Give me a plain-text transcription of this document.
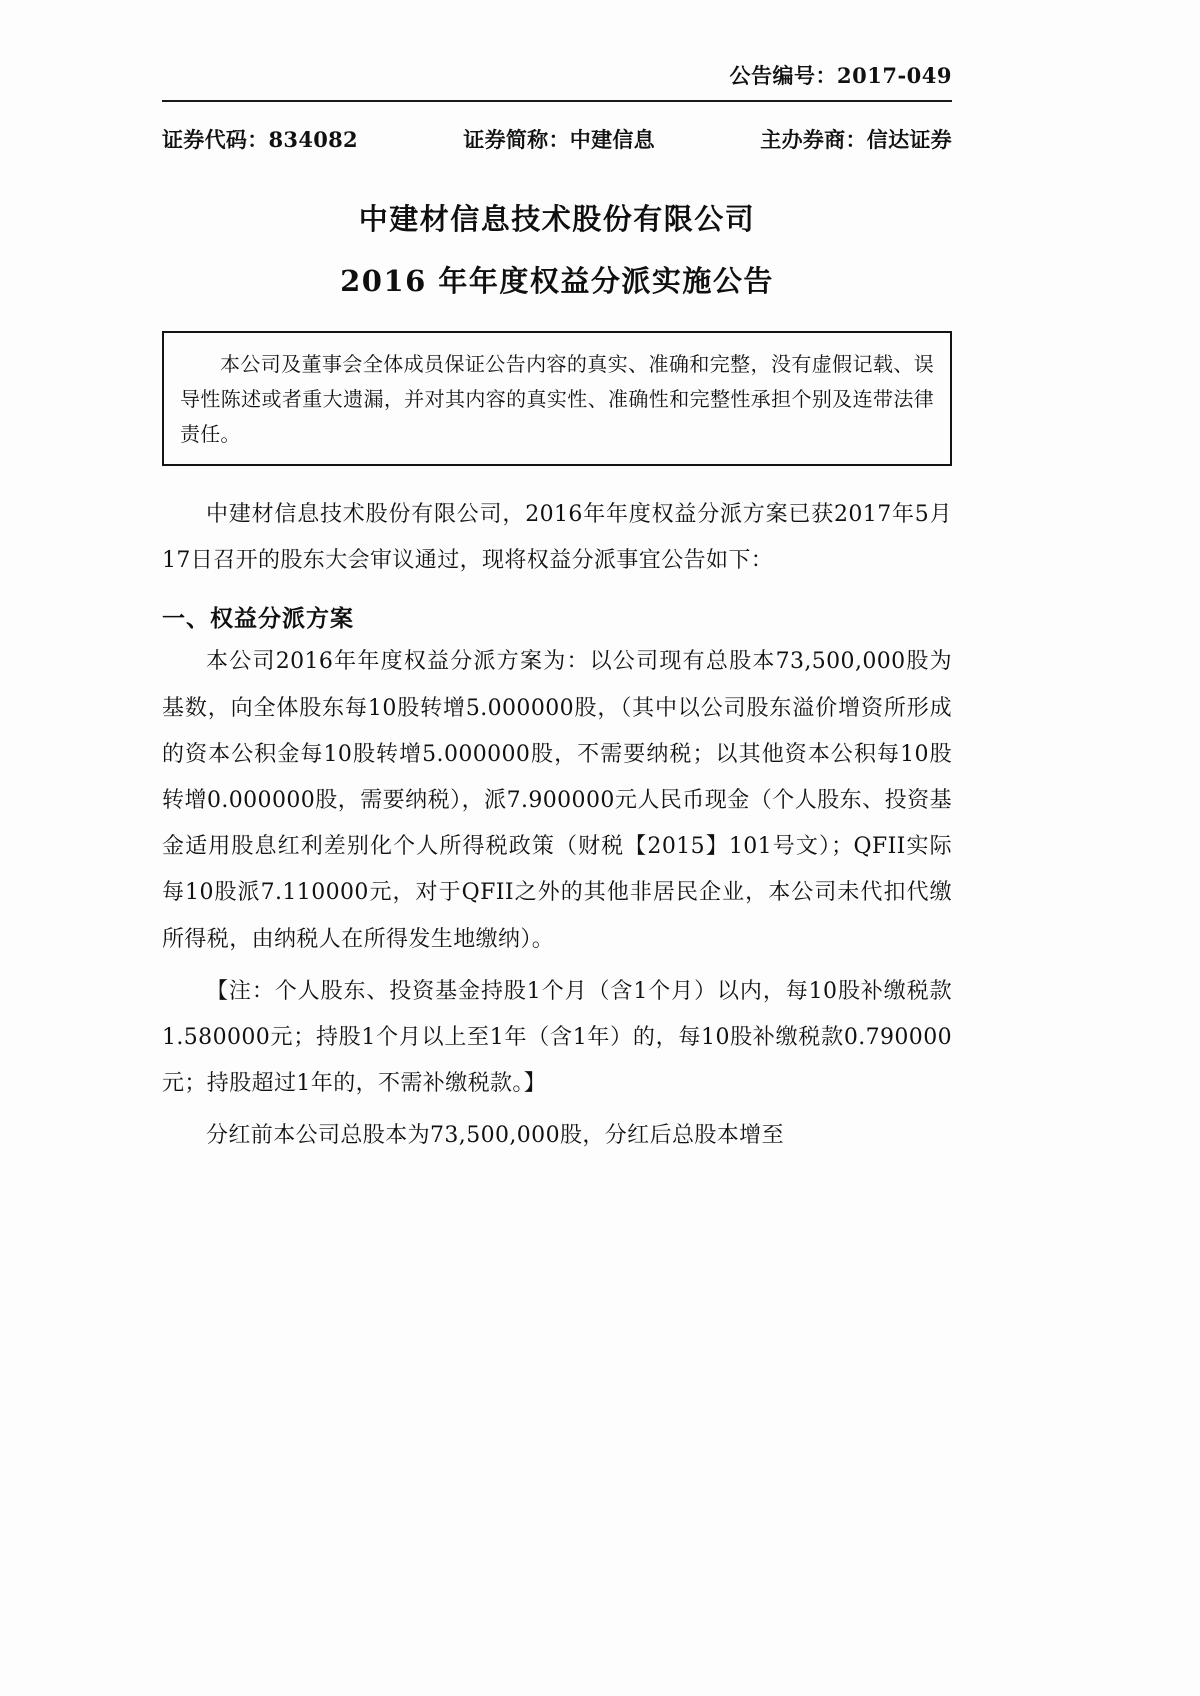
公告编号：2017-049
证券代码：834082	证券简称：中建信息	主办券商：信达证券
中建材信息技术股份有限公司
2016 年年度权益分派实施公告

本公司及董事会全体成员保证公告内容的真实、准确和完整，没有虚假记载、误导性陈述或者重大遗漏，并对其内容的真实性、准确性和完整性承担个别及连带法律责任。

中建材信息技术股份有限公司，2016年年度权益分派方案已获2017年5月17日召开的股东大会审议通过，现将权益分派事宜公告如下：

一、权益分派方案

本公司2016年年度权益分派方案为：以公司现有总股本73,500,000股为基数，向全体股东每10股转增5.000000股，（其中以公司股东溢价增资所形成的资本公积金每10股转增5.000000股，不需要纳税；以其他资本公积每10股转增0.000000股，需要纳税），派7.900000元人民币现金（个人股东、投资基金适用股息红利差别化个人所得税政策（财税【2015】101号文）；QFII实际每10股派7.110000元，对于QFII之外的其他非居民企业，本公司未代扣代缴所得税，由纳税人在所得发生地缴纳）。

【注：个人股东、投资基金持股1个月（含1个月）以内，每10股补缴税款1.580000元；持股1个月以上至1年（含1年）的，每10股补缴税款0.790000元；持股超过1年的，不需补缴税款。】

分红前本公司总股本为73,500,000股，分红后总股本增至
